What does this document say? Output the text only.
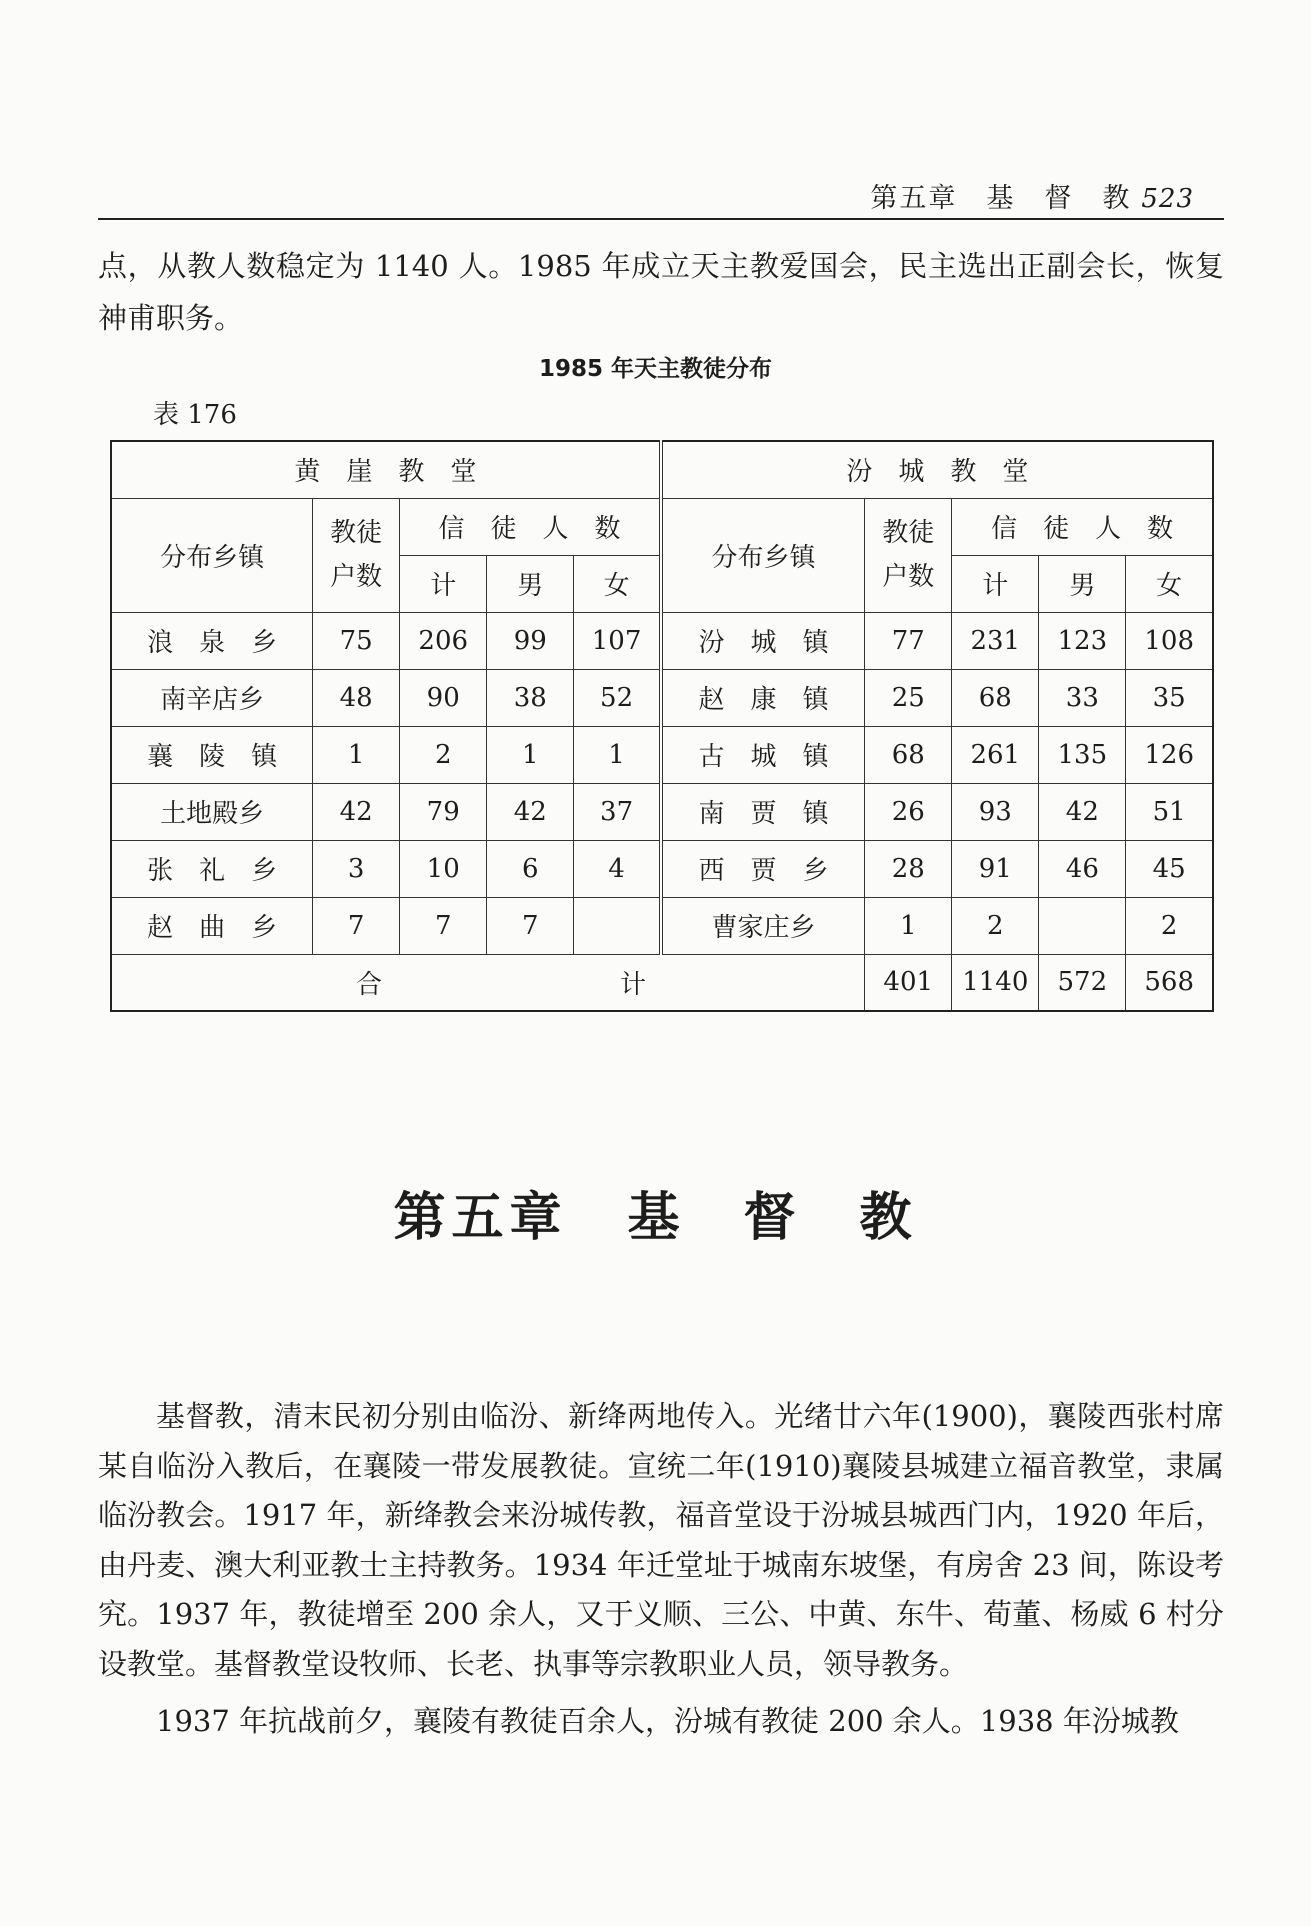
第五章　基　督　教 523
点，从教人数稳定为 1140 人。1985 年成立天主教爱国会，民主选出正副会长，恢复神甫职务。
1985 年天主教徒分布
表 176
黄　崖　教　堂					汾　城　教　堂				
分布乡镇	教徒户数	信　徒　人　数			分布乡镇	教徒户数	信　徒　人　数		
		计	男	女			计	男	女
浪　泉　乡	75	206	99	107	汾　城　镇	77	231	123	108
南辛店乡	48	90	38	52	赵　康　镇	25	68	33	35
襄　陵　镇	1	2	1	1	古　城　镇	68	261	135	126
土地殿乡	42	79	42	37	南　贾　镇	26	93	42	51
张　礼　乡	3	10	6	4	西　贾　乡	28	91	46	45
赵　曲　乡	7	7	7		曹家庄乡	1	2		2
合 计						401	1140	572	568
第五章 基　督　教

基督教，清末民初分别由临汾、新绛两地传入。光绪廿六年(1900)，襄陵西张村席某自临汾入教后，在襄陵一带发展教徒。宣统二年(1910)襄陵县城建立福音教堂，隶属临汾教会。1917 年，新绛教会来汾城传教，福音堂设于汾城县城西门内，1920 年后，由丹麦、澳大利亚教士主持教务。1934 年迁堂址于城南东坡堡，有房舍 23 间，陈设考究。1937 年，教徒增至 200 余人，又于义顺、三公、中黄、东牛、荀董、杨威 6 村分设教堂。基督教堂设牧师、长老、执事等宗教职业人员，领导教务。

1937 年抗战前夕，襄陵有教徒百余人，汾城有教徒 200 余人。1938 年汾城教
